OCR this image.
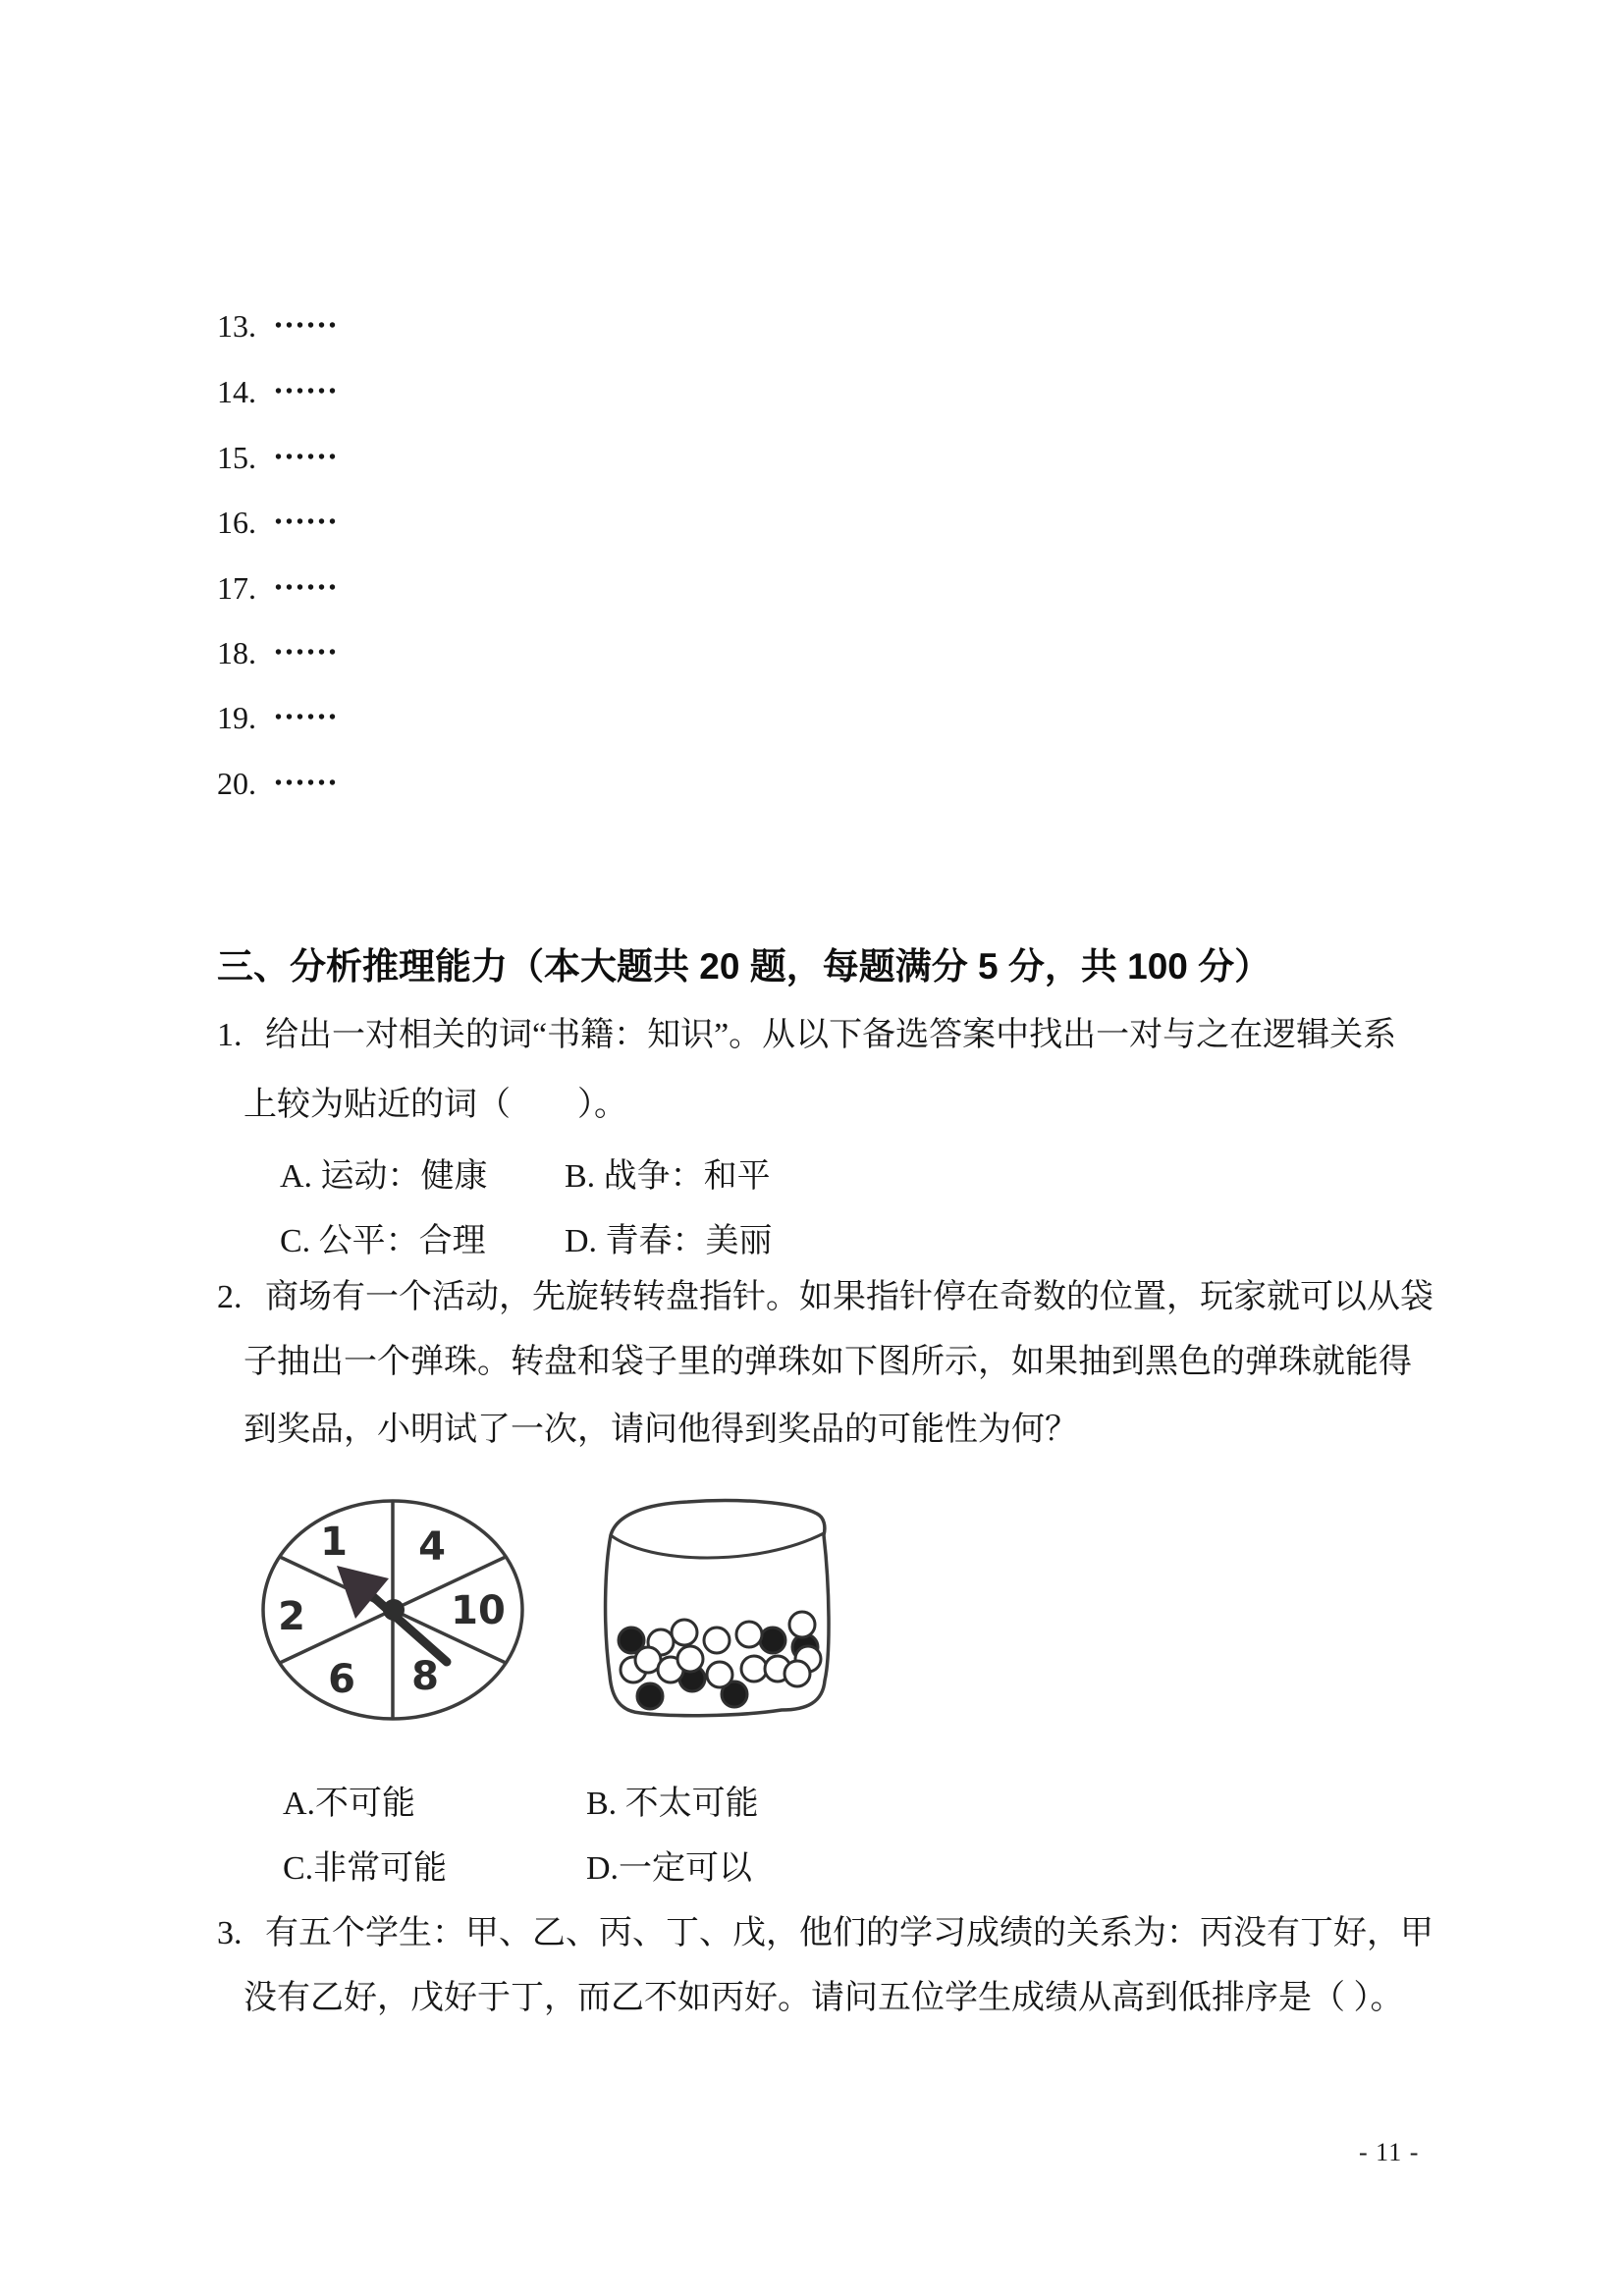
13. ••••••
14. ••••••
15. ••••••
16. ••••••
17. ••••••
18. ••••••
19. ••••••
20. ••••••
三、分析推理能力（本大题共 20 题，每题满分 5 分，共 100 分）
1. 给出一对相关的词“书籍：知识”。从以下备选答案中找出一对与之在逻辑关系
上较为贴近的词（　　）。
A. 运动：健康 B. 战争：和平
C. 公平：合理 D. 青春：美丽
2. 商场有一个活动，先旋转转盘指针。如果指针停在奇数的位置，玩家就可以从袋
子抽出一个弹珠。转盘和袋子里的弹珠如下图所示，如果抽到黑色的弹珠就能得
到奖品，小明试了一次，请问他得到奖品的可能性为何？
1 4
2	10
6 8
A.不可能	B. 不太可能
C.非常可能	D.一定可以
3. 有五个学生：甲、乙、丙、丁、戊，他们的学习成绩的关系为：丙没有丁好，甲
没有乙好，戊好于丁，而乙不如丙好。请问五位学生成绩从高到低排序是（ ）。
- 11 -
